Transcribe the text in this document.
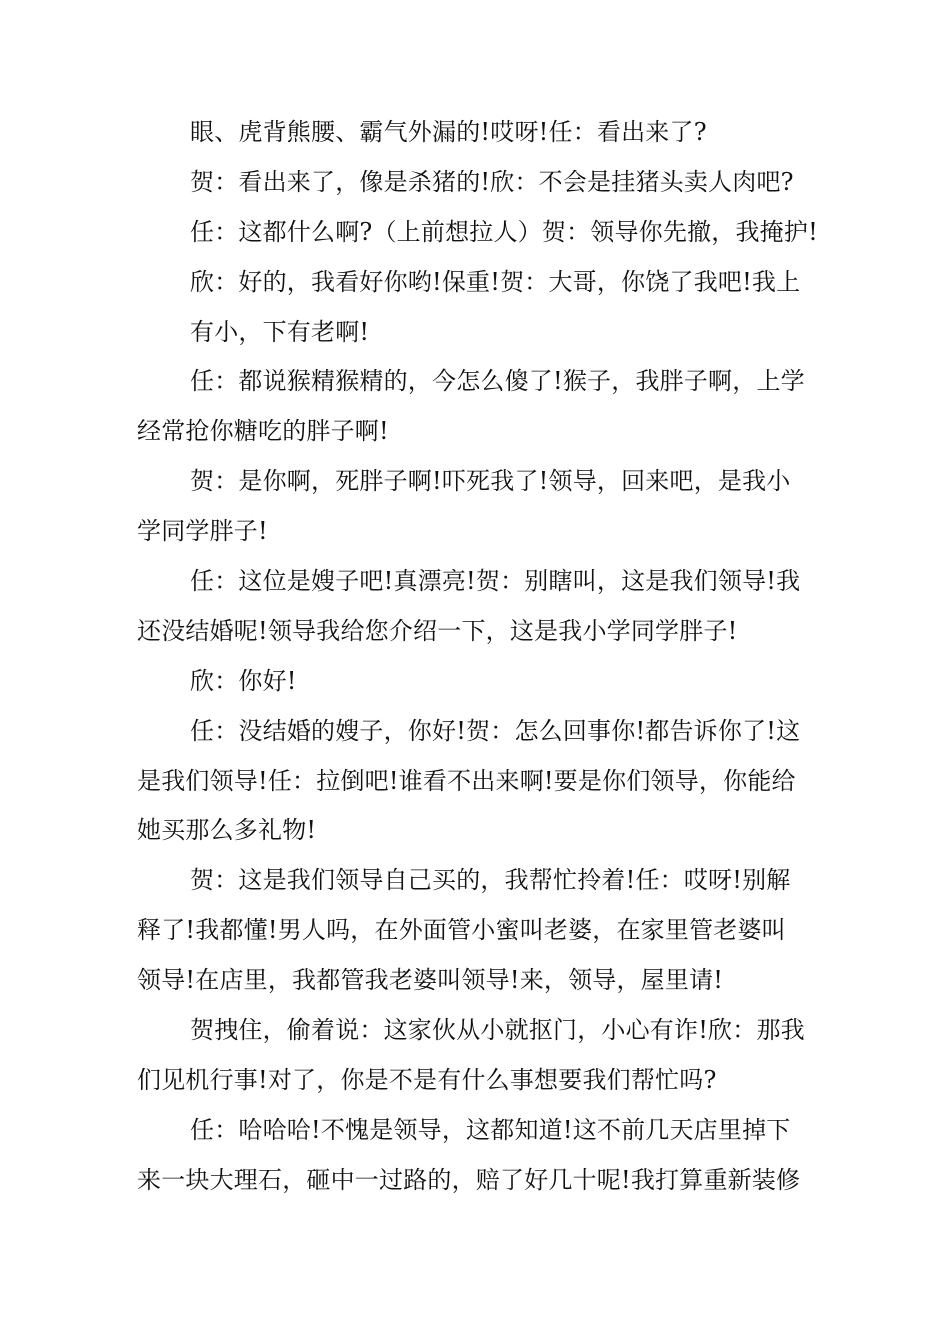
眼、虎背熊腰、霸气外漏的!哎呀!任：看出来了?
贺：看出来了，像是杀猪的!欣：不会是挂猪头卖人肉吧?
任：这都什么啊?（上前想拉人）贺：领导你先撤，我掩护!
欣：好的，我看好你哟!保重!贺：大哥，你饶了我吧!我上
有小，下有老啊!
任：都说猴精猴精的，今怎么傻了!猴子，我胖子啊，上学
经常抢你糖吃的胖子啊!
贺：是你啊，死胖子啊!吓死我了!领导，回来吧，是我小
学同学胖子!
任：这位是嫂子吧!真漂亮!贺：别瞎叫，这是我们领导!我
还没结婚呢!领导我给您介绍一下，这是我小学同学胖子!
欣：你好!
任：没结婚的嫂子，你好!贺：怎么回事你!都告诉你了!这
是我们领导!任：拉倒吧!谁看不出来啊!要是你们领导，你能给
她买那么多礼物!
贺：这是我们领导自己买的，我帮忙拎着!任：哎呀!别解
释了!我都懂!男人吗，在外面管小蜜叫老婆，在家里管老婆叫
领导!在店里，我都管我老婆叫领导!来，领导，屋里请!
贺拽住，偷着说：这家伙从小就抠门，小心有诈!欣：那我
们见机行事!对了，你是不是有什么事想要我们帮忙吗?
任：哈哈哈!不愧是领导，这都知道!这不前几天店里掉下
来一块大理石，砸中一过路的，赔了好几十呢!我打算重新装修
